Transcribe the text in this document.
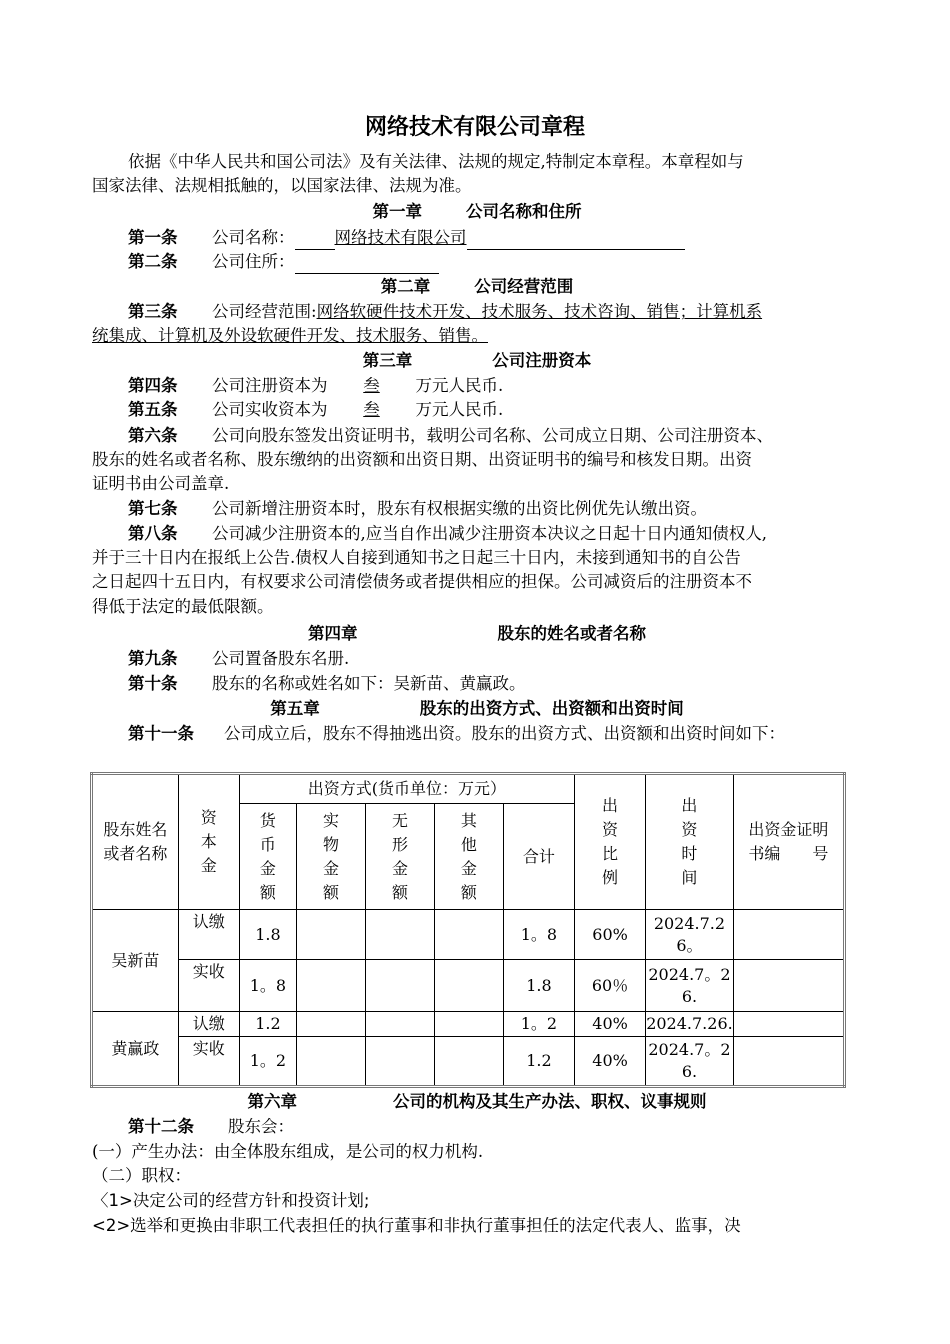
网络技术有限公司章程
依据《中华人民共和国公司法》及有关法律、法规的规定,特制定本章程。本章程如与
国家法律、法规相抵触的，以国家法律、法规为准。
第一章	公司名称和住所
第一条 公司名称： 网络技术有限公司
第二条 公司住所：
第二章	公司经营范围
第三条 公司经营范围:网络软硬件技术开发、技术服务、技术咨询、销售；计算机系
统集成、计算机及外设软硬件开发、技术服务、销售。
第三章	公司注册资本
第四条 公司注册资本为 叁 万元人民币.
第五条 公司实收资本为 叁 万元人民币.
第六条 公司向股东签发出资证明书，载明公司名称、公司成立日期、公司注册资本、
股东的姓名或者名称、股东缴纳的出资额和出资日期、出资证明书的编号和核发日期。出资
证明书由公司盖章.
第七条 公司新增注册资本时，股东有权根据实缴的出资比例优先认缴出资。
第八条 公司减少注册资本的,应当自作出减少注册资本决议之日起十日内通知债权人,
并于三十日内在报纸上公告.债权人自接到通知书之日起三十日内，未接到通知书的自公告
之日起四十五日内，有权要求公司清偿债务或者提供相应的担保。公司减资后的注册资本不
得低于法定的最低限额。
第四章	股东的姓名或者名称
第九条 公司置备股东名册.
第十条 股东的名称或姓名如下：吴新苗、黄赢政。
第五章	股东的出资方式、出资额和出资时间
第十一条 公司成立后，股东不得抽逃出资。股东的出资方式、出资额和出资时间如下：
股东姓名或者名称	资本金	出资方式(货币单位：万元）					出资比例	出资时间	出资金证明书编　　号
		货币金额	实物金额	无形金额	其他金额	合计			
吴新苗	认缴	1.8				1。8	60%	2024.7.26。	
	实收	1。8				1.8	60％	2024.7。26.	
黄赢政	认缴	1.2				1。2	40%	2024.7.26.	
	实收	1。2				1.2	40%	2024.7。26.	
第六章	公司的机构及其生产办法、职权、议事规则
第十二条 股东会：
(一）产生办法：由全体股东组成，是公司的权力机构.
（二）职权：
〈1>决定公司的经营方针和投资计划;
<2>选举和更换由非职工代表担任的执行董事和非执行董事担任的法定代表人、监事，决
